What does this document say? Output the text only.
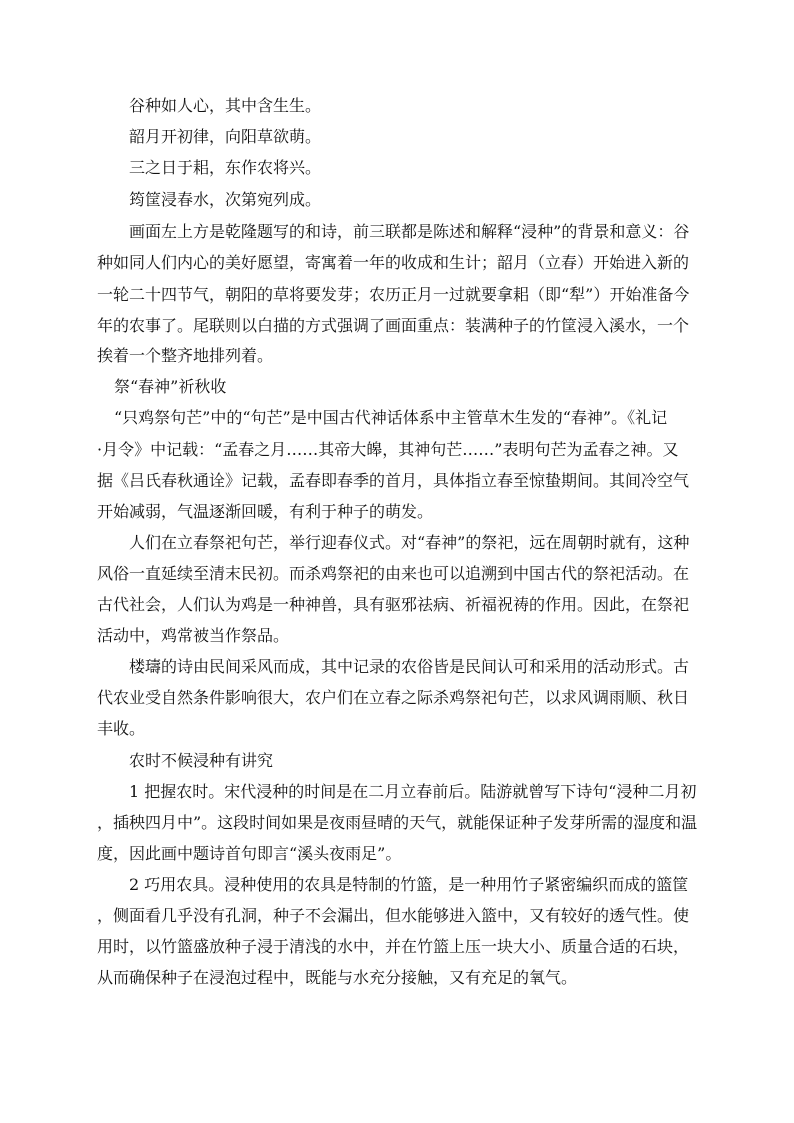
谷种如人心，其中含生生。
韶月开初律，向阳草欲萌。
三之日于耜，东作农将兴。
筠筐浸春水，次第宛列成。
画面左上方是乾隆题写的和诗，前三联都是陈述和解释“浸种”的背景和意义：谷
种如同人们内心的美好愿望，寄寓着一年的收成和生计；韶月（立春）开始进入新的
一轮二十四节气，朝阳的草将要发芽；农历正月一过就要拿耜（即“犁”）开始准备今
年的农事了。尾联则以白描的方式强调了画面重点：装满种子的竹筐浸入溪水，一个
挨着一个整齐地排列着。
祭“春神”祈秋收
“只鸡祭句芒”中的“句芒”是中国古代神话体系中主管草木生发的“春神”。《礼记
·月令》中记载：“孟春之月……其帝大皞，其神句芒……”表明句芒为孟春之神。又
据《吕氏春秋通诠》记载，孟春即春季的首月，具体指立春至惊蛰期间。其间冷空气
开始减弱，气温逐渐回暖，有利于种子的萌发。
人们在立春祭祀句芒，举行迎春仪式。对“春神”的祭祀，远在周朝时就有，这种
风俗一直延续至清末民初。而杀鸡祭祀的由来也可以追溯到中国古代的祭祀活动。在
古代社会，人们认为鸡是一种神兽，具有驱邪祛病、祈福祝祷的作用。因此，在祭祀
活动中，鸡常被当作祭品。
楼璹的诗由民间采风而成，其中记录的农俗皆是民间认可和采用的活动形式。古
代农业受自然条件影响很大，农户们在立春之际杀鸡祭祀句芒，以求风调雨顺、秋日
丰收。
农时不候浸种有讲究
1 把握农时。宋代浸种的时间是在二月立春前后。陆游就曾写下诗句“浸种二月初
，插秧四月中”。这段时间如果是夜雨昼晴的天气，就能保证种子发芽所需的湿度和温
度，因此画中题诗首句即言“溪头夜雨足”。
2 巧用农具。浸种使用的农具是特制的竹篮，是一种用竹子紧密编织而成的篮筐
，侧面看几乎没有孔洞，种子不会漏出，但水能够进入篮中，又有较好的透气性。使
用时，以竹篮盛放种子浸于清浅的水中，并在竹篮上压一块大小、质量合适的石块，
从而确保种子在浸泡过程中，既能与水充分接触，又有充足的氧气。
